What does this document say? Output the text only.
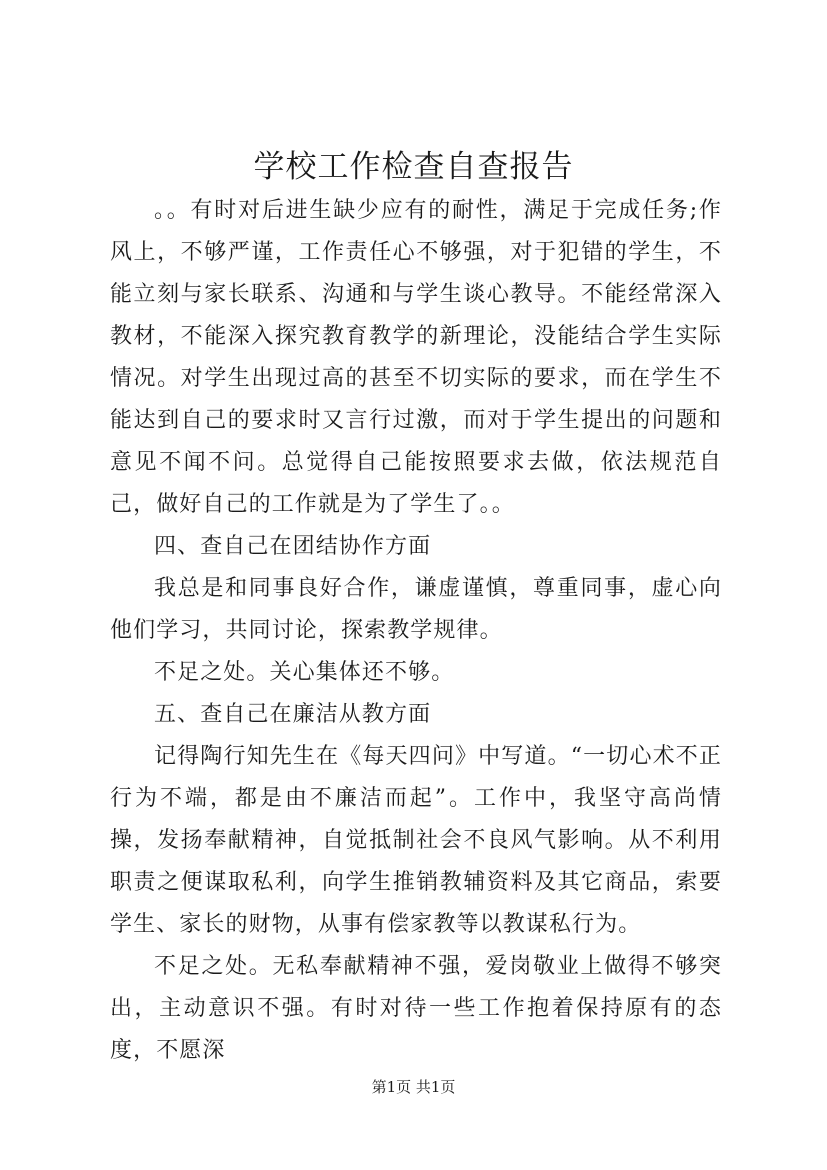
学校工作检查自查报告

。。有时对后进生缺少应有的耐性，满足于完成任务;作风上，不够严谨，工作责任心不够强，对于犯错的学生，不能立刻与家长联系、沟通和与学生谈心教导。不能经常深入教材，不能深入探究教育教学的新理论，没能结合学生实际情况。对学生出现过高的甚至不切实际的要求，而在学生不能达到自己的要求时又言行过激，而对于学生提出的问题和意见不闻不问。总觉得自己能按照要求去做，依法规范自己，做好自己的工作就是为了学生了。。

四、查自己在团结协作方面

我总是和同事良好合作，谦虚谨慎，尊重同事，虚心向他们学习，共同讨论，探索教学规律。

不足之处。关心集体还不够。

五、查自己在廉洁从教方面

记得陶行知先生在《每天四问》中写道。“一切心术不正行为不端，都是由不廉洁而起”。工作中，我坚守高尚情操，发扬奉献精神，自觉抵制社会不良风气影响。从不利用职责之便谋取私利，向学生推销教辅资料及其它商品，索要学生、家长的财物，从事有偿家教等以教谋私行为。

不足之处。无私奉献精神不强，爱岗敬业上做得不够突出，主动意识不强。有时对待一些工作抱着保持原有的态度，不愿深

第1页 共1页
